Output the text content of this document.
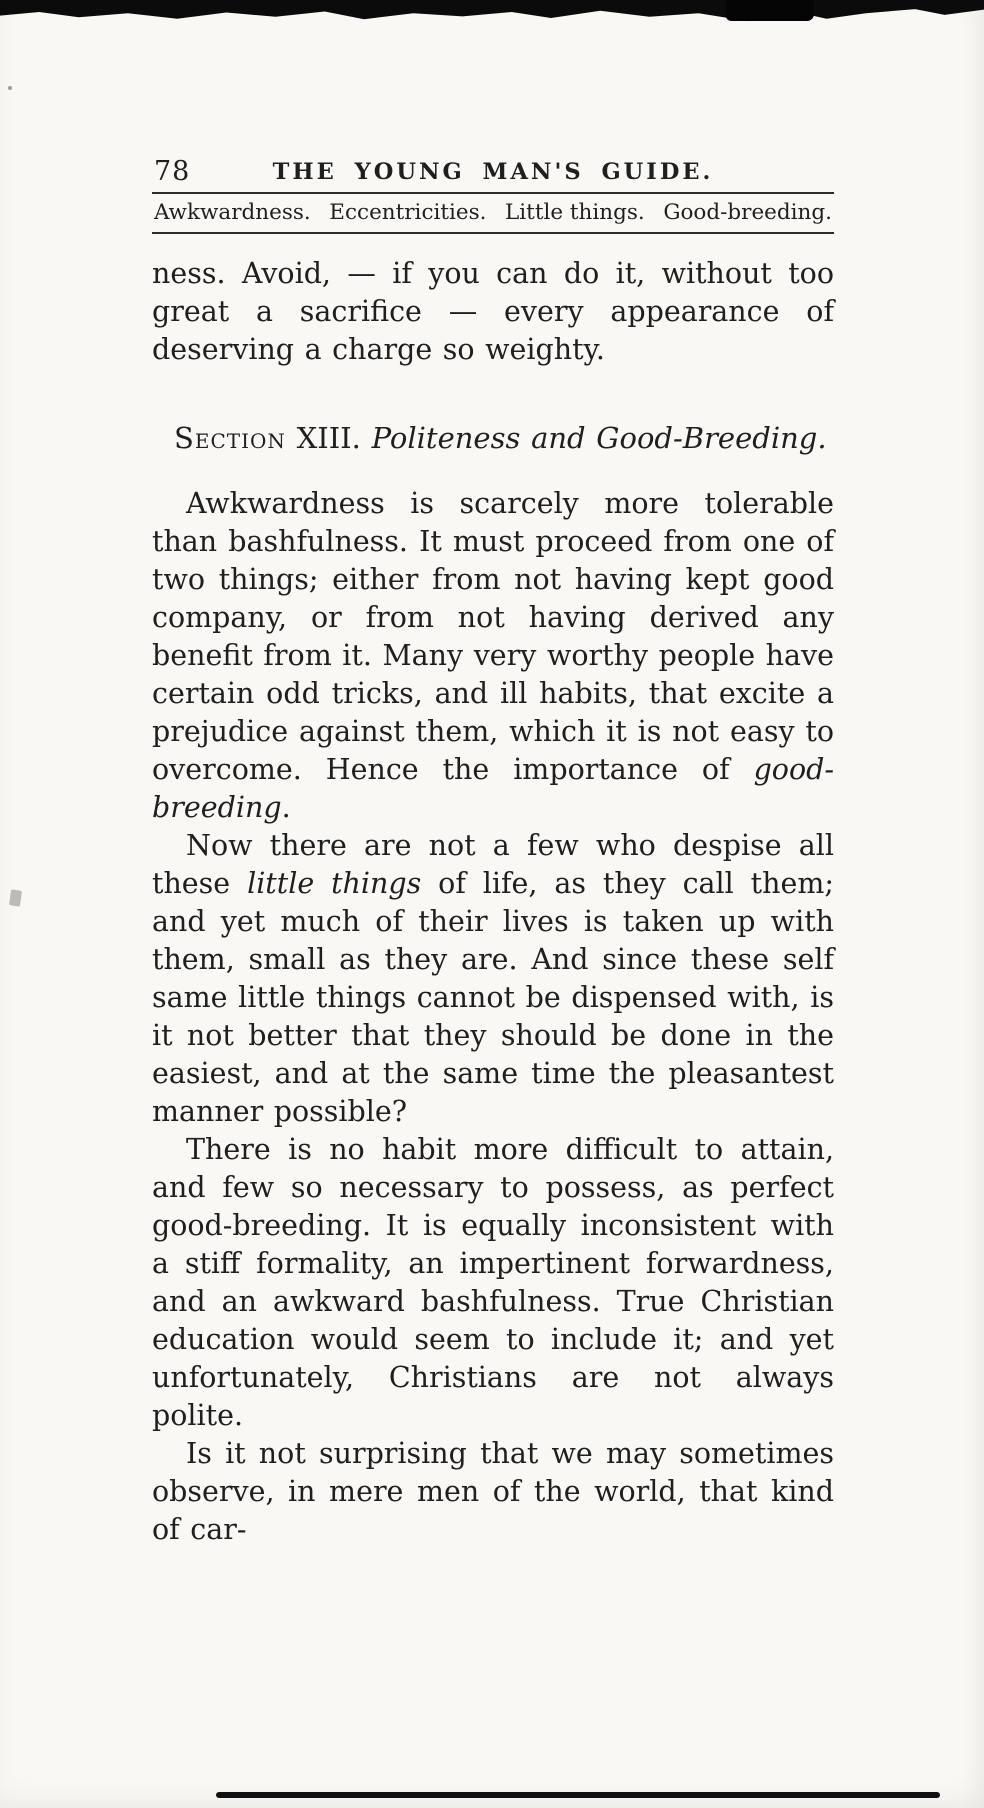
78	THE YOUNG MAN'S GUIDE.
Awkwardness. Eccentricities. Little things. Good-breeding.

ness. Avoid, — if you can do it, without too great a sacrifice — every appearance of deserving a charge so weighty.

Section XIII. Politeness and Good-Breeding.

Awkwardness is scarcely more tolerable than bashfulness. It must proceed from one of two things; either from not having kept good company, or from not having derived any benefit from it. Many very worthy people have certain odd tricks, and ill habits, that excite a prejudice against them, which it is not easy to overcome. Hence the importance of good-breeding.

Now there are not a few who despise all these little things of life, as they call them; and yet much of their lives is taken up with them, small as they are. And since these self same little things cannot be dispensed with, is it not better that they should be done in the easiest, and at the same time the pleasantest manner possible?

There is no habit more difficult to attain, and few so necessary to possess, as perfect good-breeding. It is equally inconsistent with a stiff formality, an impertinent forwardness, and an awkward bashfulness. True Christian education would seem to include it; and yet unfortunately, Christians are not always polite.

Is it not surprising that we may sometimes observe, in mere men of the world, that kind of car-
